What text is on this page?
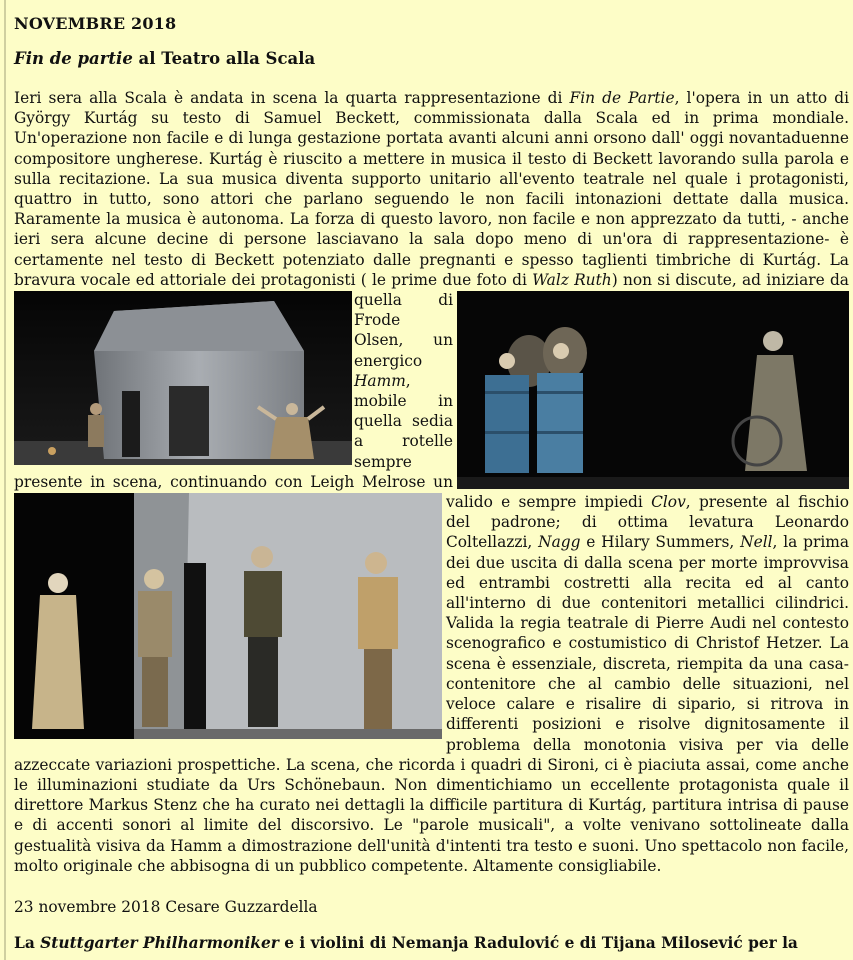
NOVEMBRE 2018
Fin de partie al Teatro alla Scala
Ieri sera alla Scala è andata in scena la quarta rappresentazione di Fin de Partie, l'opera in un atto di György Kurtág su testo di Samuel Beckett, commissionata dalla Scala ed in prima mondiale. Un'operazione non facile e di lunga gestazione portata avanti alcuni anni orsono dall' oggi novantaduenne compositore ungherese. Kurtág è riuscito a mettere in musica il testo di Beckett lavorando sulla parola e sulla recitazione. La sua musica diventa supporto unitario all'evento teatrale nel quale i protagonisti, quattro in tutto, sono attori che parlano seguendo le non facili intonazioni dettate dalla musica. Raramente la musica è autonoma. La forza di questo lavoro, non facile e non apprezzato da tutti, - anche ieri sera alcune decine di persone lasciavano la sala dopo meno di un'ora di rappresentazione- è certamente nel testo di Beckett potenziato dalle pregnanti e spesso taglienti timbriche di Kurtág. La bravura vocale ed attoriale dei protagonisti ( le prime due foto di
Walz Ruth) non si discute, ad iniziare da quella di Frode Olsen, un energico Hamm, mobile in quella sedia a rotelle sempre presente in scena, continuando con Leigh Melrose un valido e sempre impiedi
Clov, presente al fischio del padrone; di ottima levatura Leonardo Coltellazzi, Nagg e Hilary Summers, Nell, la prima dei due uscita di dalla scena per morte improvvisa ed entrambi costretti alla recita ed al canto all'interno di due contenitori metallici cilindrici. Valida la regia teatrale di Pierre Audi nel contesto scenografico e costumistico di Christof Hetzer. La scena è essenziale, discreta, riempita da una casa-contenitore che al cambio delle situazioni, nel veloce calare e risalire di sipario, si ritrova in differenti posizioni e risolve dignitosamente il problema della monotonia visiva per via delle azzeccate variazioni prospettiche. La scena, che ricorda i quadri di Sironi, ci è piaciuta assai, come anche le illuminazioni studiate da Urs Schönebaun. Non dimentichiamo un eccellente protagonista quale il direttore Markus Stenz che ha curato nei dettagli la difficile partitura di Kurtág, partitura intrisa di pause e di accenti sonori al limite del discorsivo. Le "parole musicali", a volte venivano sottolineate dalla gestualità visiva da Hamm a dimostrazione dell'unità d'intenti tra testo e suoni. Uno spettacolo non facile, molto originale che abbisogna di un pubblico competente. Altamente consigliabile.
23 novembre 2018 Cesare Guzzardella
La Stuttgarter Philharmoniker e i violini di Nemanja Radulović e di Tijana Milosević per la
